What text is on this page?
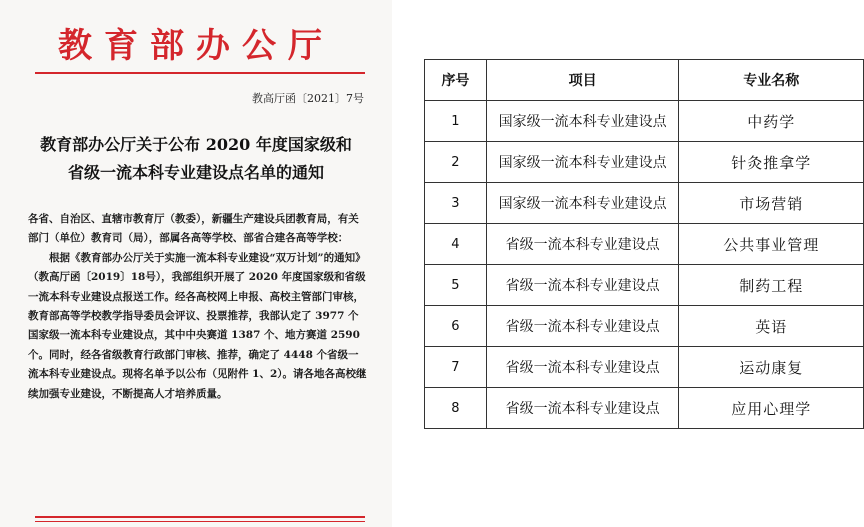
教育部办公厅
教高厅函〔2021〕7号
教育部办公厅关于公布 2020 年度国家级和
省级一流本科专业建设点名单的通知

各省、自治区、直辖市教育厅（教委），新疆生产建设兵团教育局，有关部门（单位）教育司（局），部属各高等学校、部省合建各高等学校：

根据《教育部办公厅关于实施一流本科专业建设“双万计划”的通知》（教高厅函〔2019〕18号），我部组织开展了 2020 年度国家级和省级一流本科专业建设点报送工作。经各高校网上申报、高校主管部门审核，教育部高等学校教学指导委员会评议、投票推荐，我部认定了 3977 个国家级一流本科专业建设点，其中中央赛道 1387 个、地方赛道 2590 个。同时，经各省级教育行政部门审核、推荐，确定了 4448 个省级一流本科专业建设点。现将名单予以公布（见附件 1、2）。请各地各高校继续加强专业建设，不断提高人才培养质量。

序号	项目	专业名称
1	国家级一流本科专业建设点	中药学
2	国家级一流本科专业建设点	针灸推拿学
3	国家级一流本科专业建设点	市场营销
4	省级一流本科专业建设点	公共事业管理
5	省级一流本科专业建设点	制药工程
6	省级一流本科专业建设点	英语
7	省级一流本科专业建设点	运动康复
8	省级一流本科专业建设点	应用心理学
